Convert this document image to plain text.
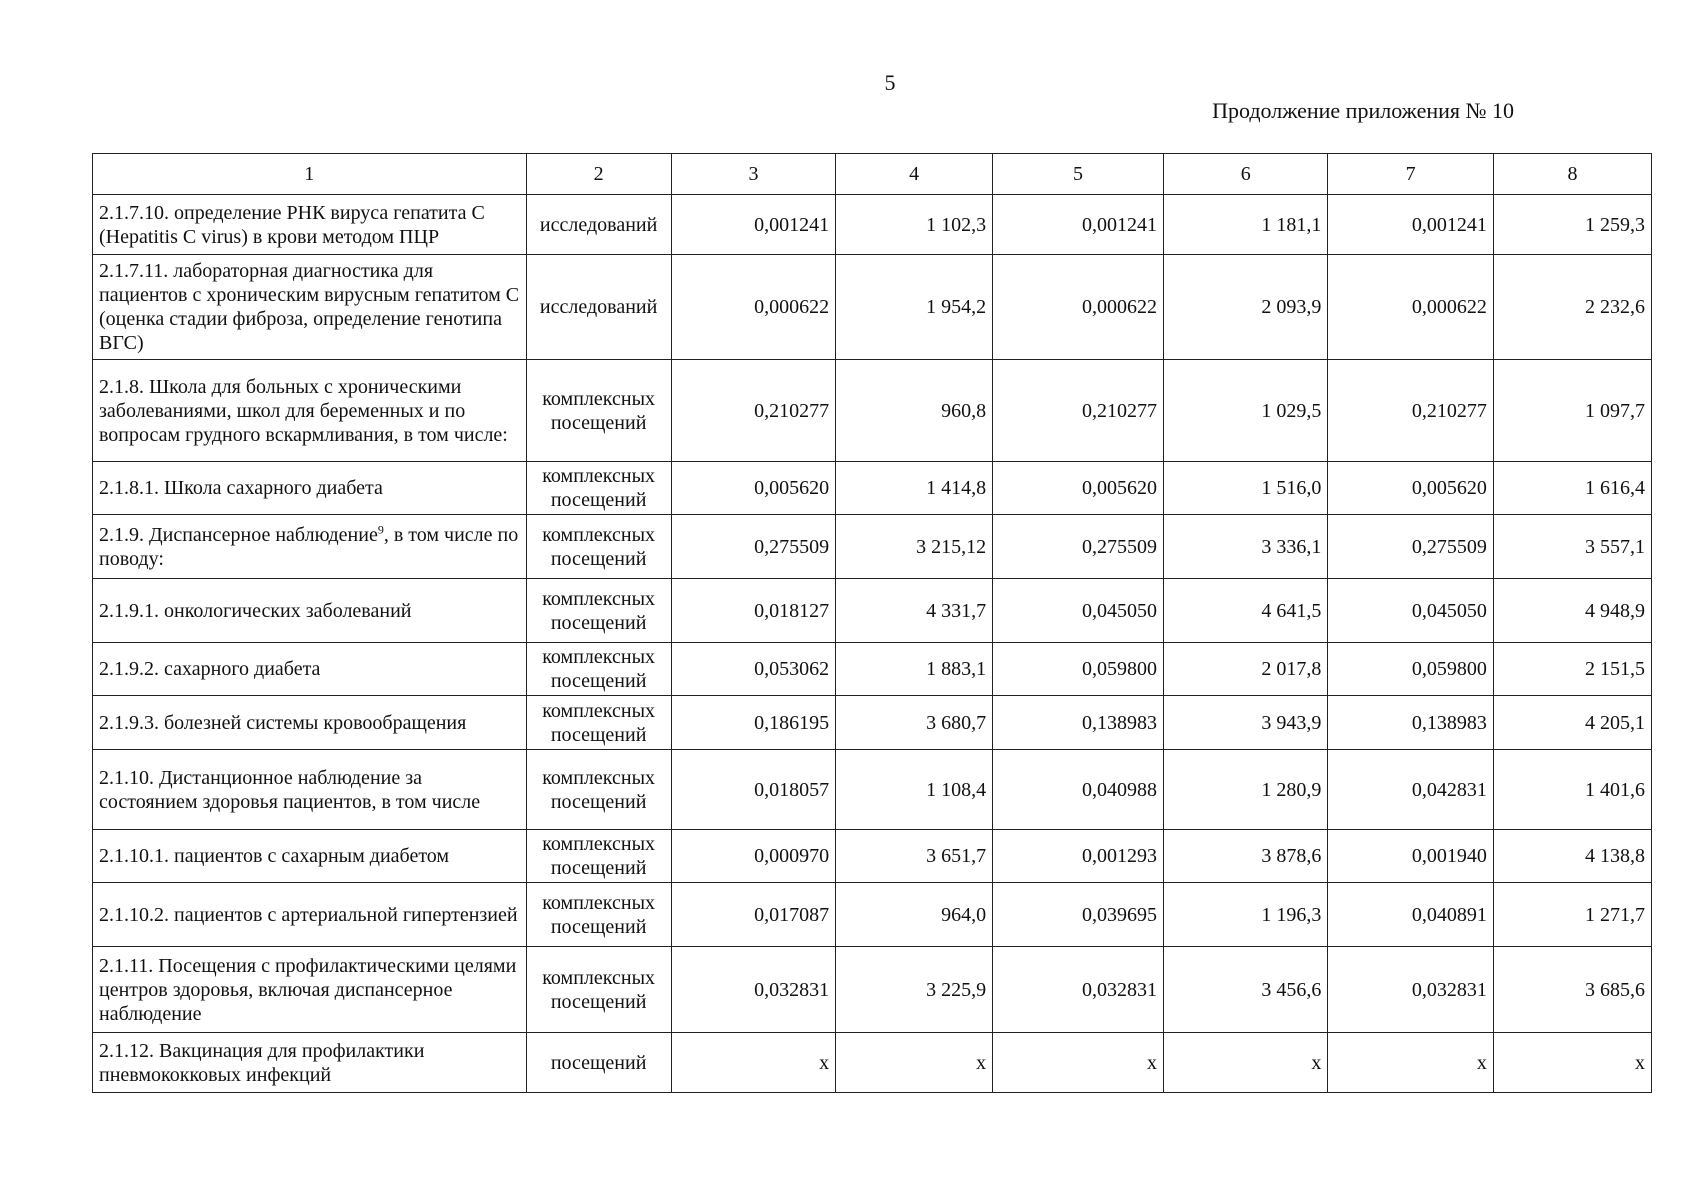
5
Продолжение приложения № 10
1	2	3	4	5	6	7	8
2.1.7.10. определение РНК вируса гепатита С (Hepatitis C virus) в крови методом ПЦР	исследований	0,001241	1 102,3	0,001241	1 181,1	0,001241	1 259,3
2.1.7.11. лабораторная диагностика для пациентов с хроническим вирусным гепатитом С (оценка стадии фиброза, определение генотипа ВГС)	исследований	0,000622	1 954,2	0,000622	2 093,9	0,000622	2 232,6
2.1.8. Школа для больных с хроническими заболеваниями, школ для беременных и по вопросам грудного вскармливания, в том числе:	комплексных посещений	0,210277	960,8	0,210277	1 029,5	0,210277	1 097,7
2.1.8.1. Школа сахарного диабета	комплексных посещений	0,005620	1 414,8	0,005620	1 516,0	0,005620	1 616,4
2.1.9. Диспансерное наблюдение$^9$, в том числе по поводу:	комплексных посещений	0,275509	3 215,12	0,275509	3 336,1	0,275509	3 557,1
2.1.9.1. онкологических заболеваний	комплексных посещений	0,018127	4 331,7	0,045050	4 641,5	0,045050	4 948,9
2.1.9.2. сахарного диабета	комплексных посещений	0,053062	1 883,1	0,059800	2 017,8	0,059800	2 151,5
2.1.9.3. болезней системы кровообращения	комплексных посещений	0,186195	3 680,7	0,138983	3 943,9	0,138983	4 205,1
2.1.10. Дистанционное наблюдение за состоянием здоровья пациентов, в том числе	комплексных посещений	0,018057	1 108,4	0,040988	1 280,9	0,042831	1 401,6
2.1.10.1. пациентов с сахарным диабетом	комплексных посещений	0,000970	3 651,7	0,001293	3 878,6	0,001940	4 138,8
2.1.10.2. пациентов с артериальной гипертензией	комплексных посещений	0,017087	964,0	0,039695	1 196,3	0,040891	1 271,7
2.1.11. Посещения с профилактическими целями центров здоровья, включая диспансерное наблюдение	комплексных посещений	0,032831	3 225,9	0,032831	3 456,6	0,032831	3 685,6
2.1.12. Вакцинация для профилактики пневмококковых инфекций	посещений	x	x	x	x	x	x
